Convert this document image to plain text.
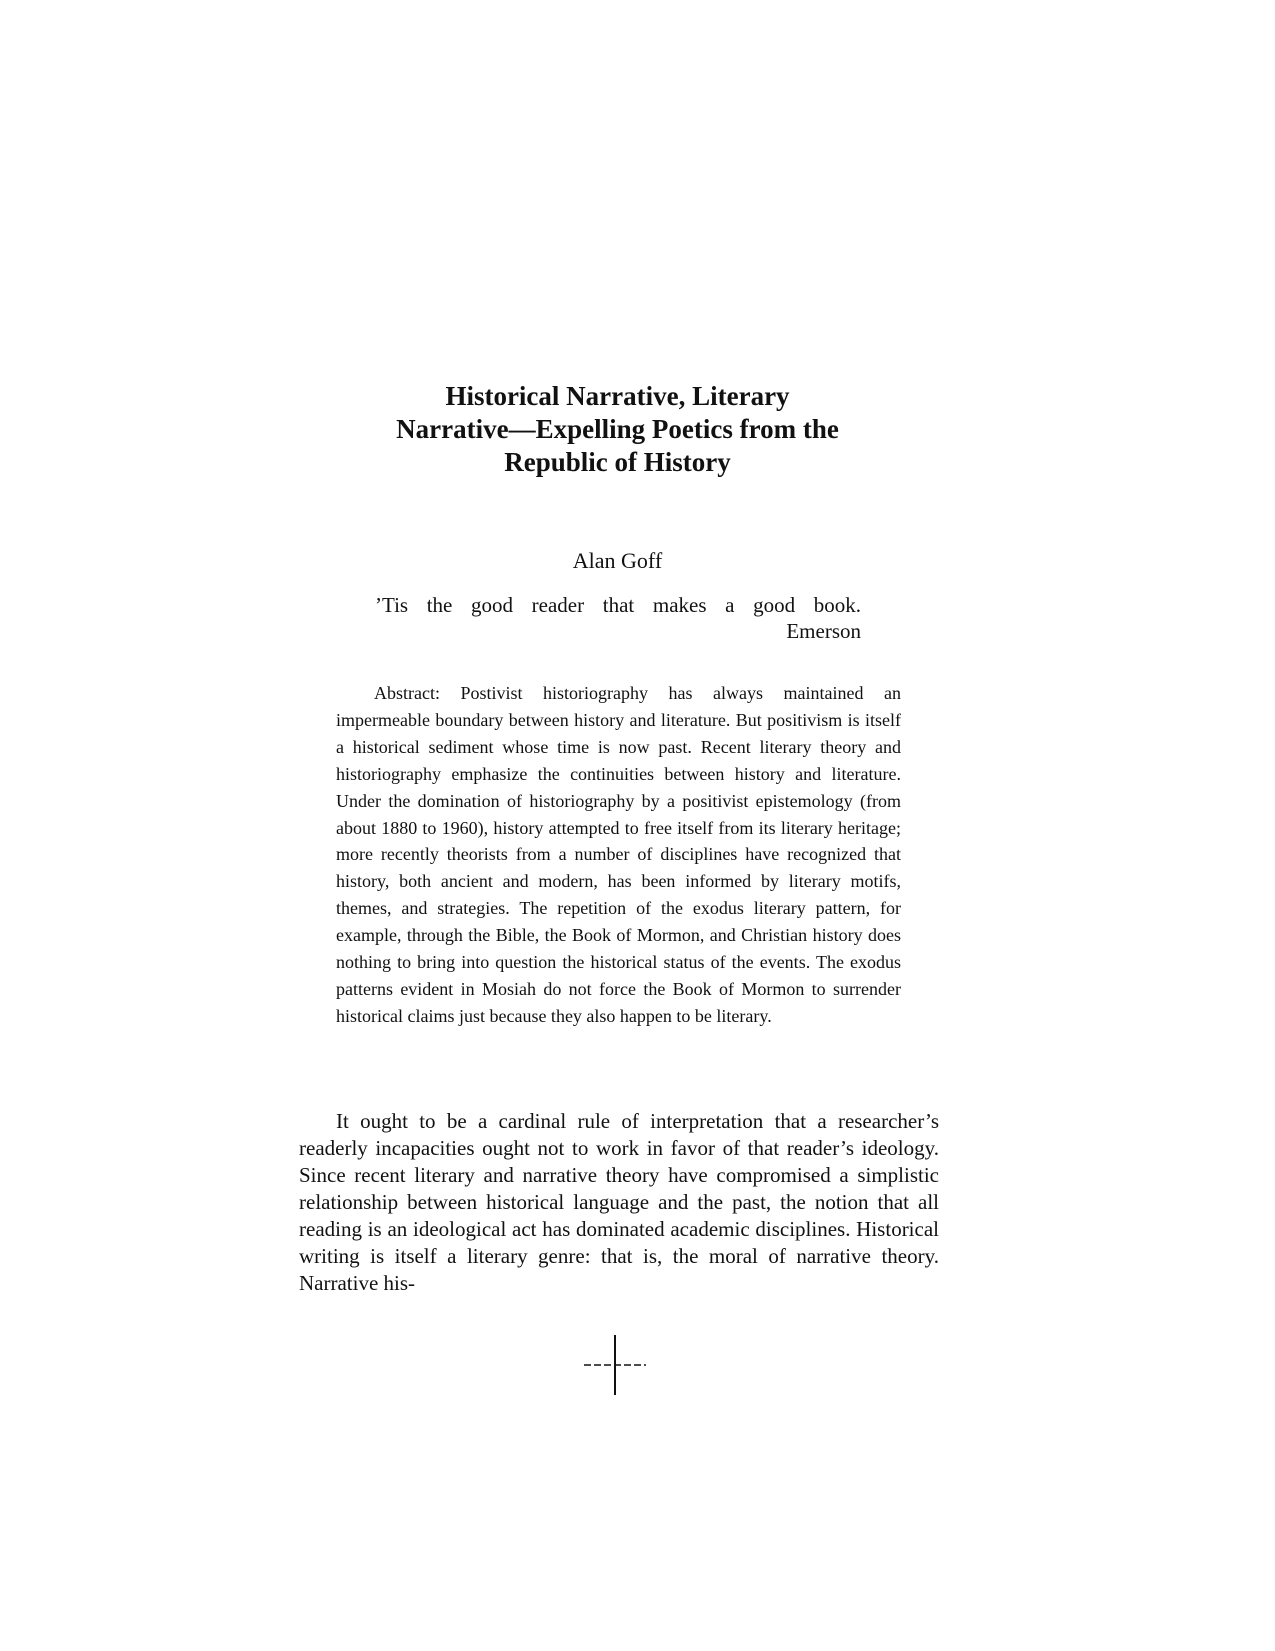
Historical Narrative, Literary
Narrative—Expelling Poetics from the
Republic of History
Alan Goff
’Tis the good reader that makes a good book.
Emerson
Abstract: Postivist historiography has always maintained an impermeable boundary between history and literature. But positivism is itself a historical sediment whose time is now past. Recent literary theory and historiography emphasize the continuities between history and literature. Under the domination of historiography by a positivist epistemology (from about 1880 to 1960), history attempted to free itself from its literary heritage; more recently theorists from a number of disciplines have recognized that history, both ancient and modern, has been informed by literary motifs, themes, and strategies. The repetition of the exodus literary pattern, for example, through the Bible, the Book of Mormon, and Christian history does nothing to bring into question the historical status of the events. The exodus patterns evident in Mosiah do not force the Book of Mormon to surrender historical claims just because they also happen to be literary.
It ought to be a cardinal rule of interpretation that a researcher’s readerly incapacities ought not to work in favor of that reader’s ideology. Since recent literary and narrative theory have compromised a simplistic relationship between historical language and the past, the notion that all reading is an ideological act has dominated academic disciplines. Historical writing is itself a literary genre: that is, the moral of narrative theory. Narrative his-
